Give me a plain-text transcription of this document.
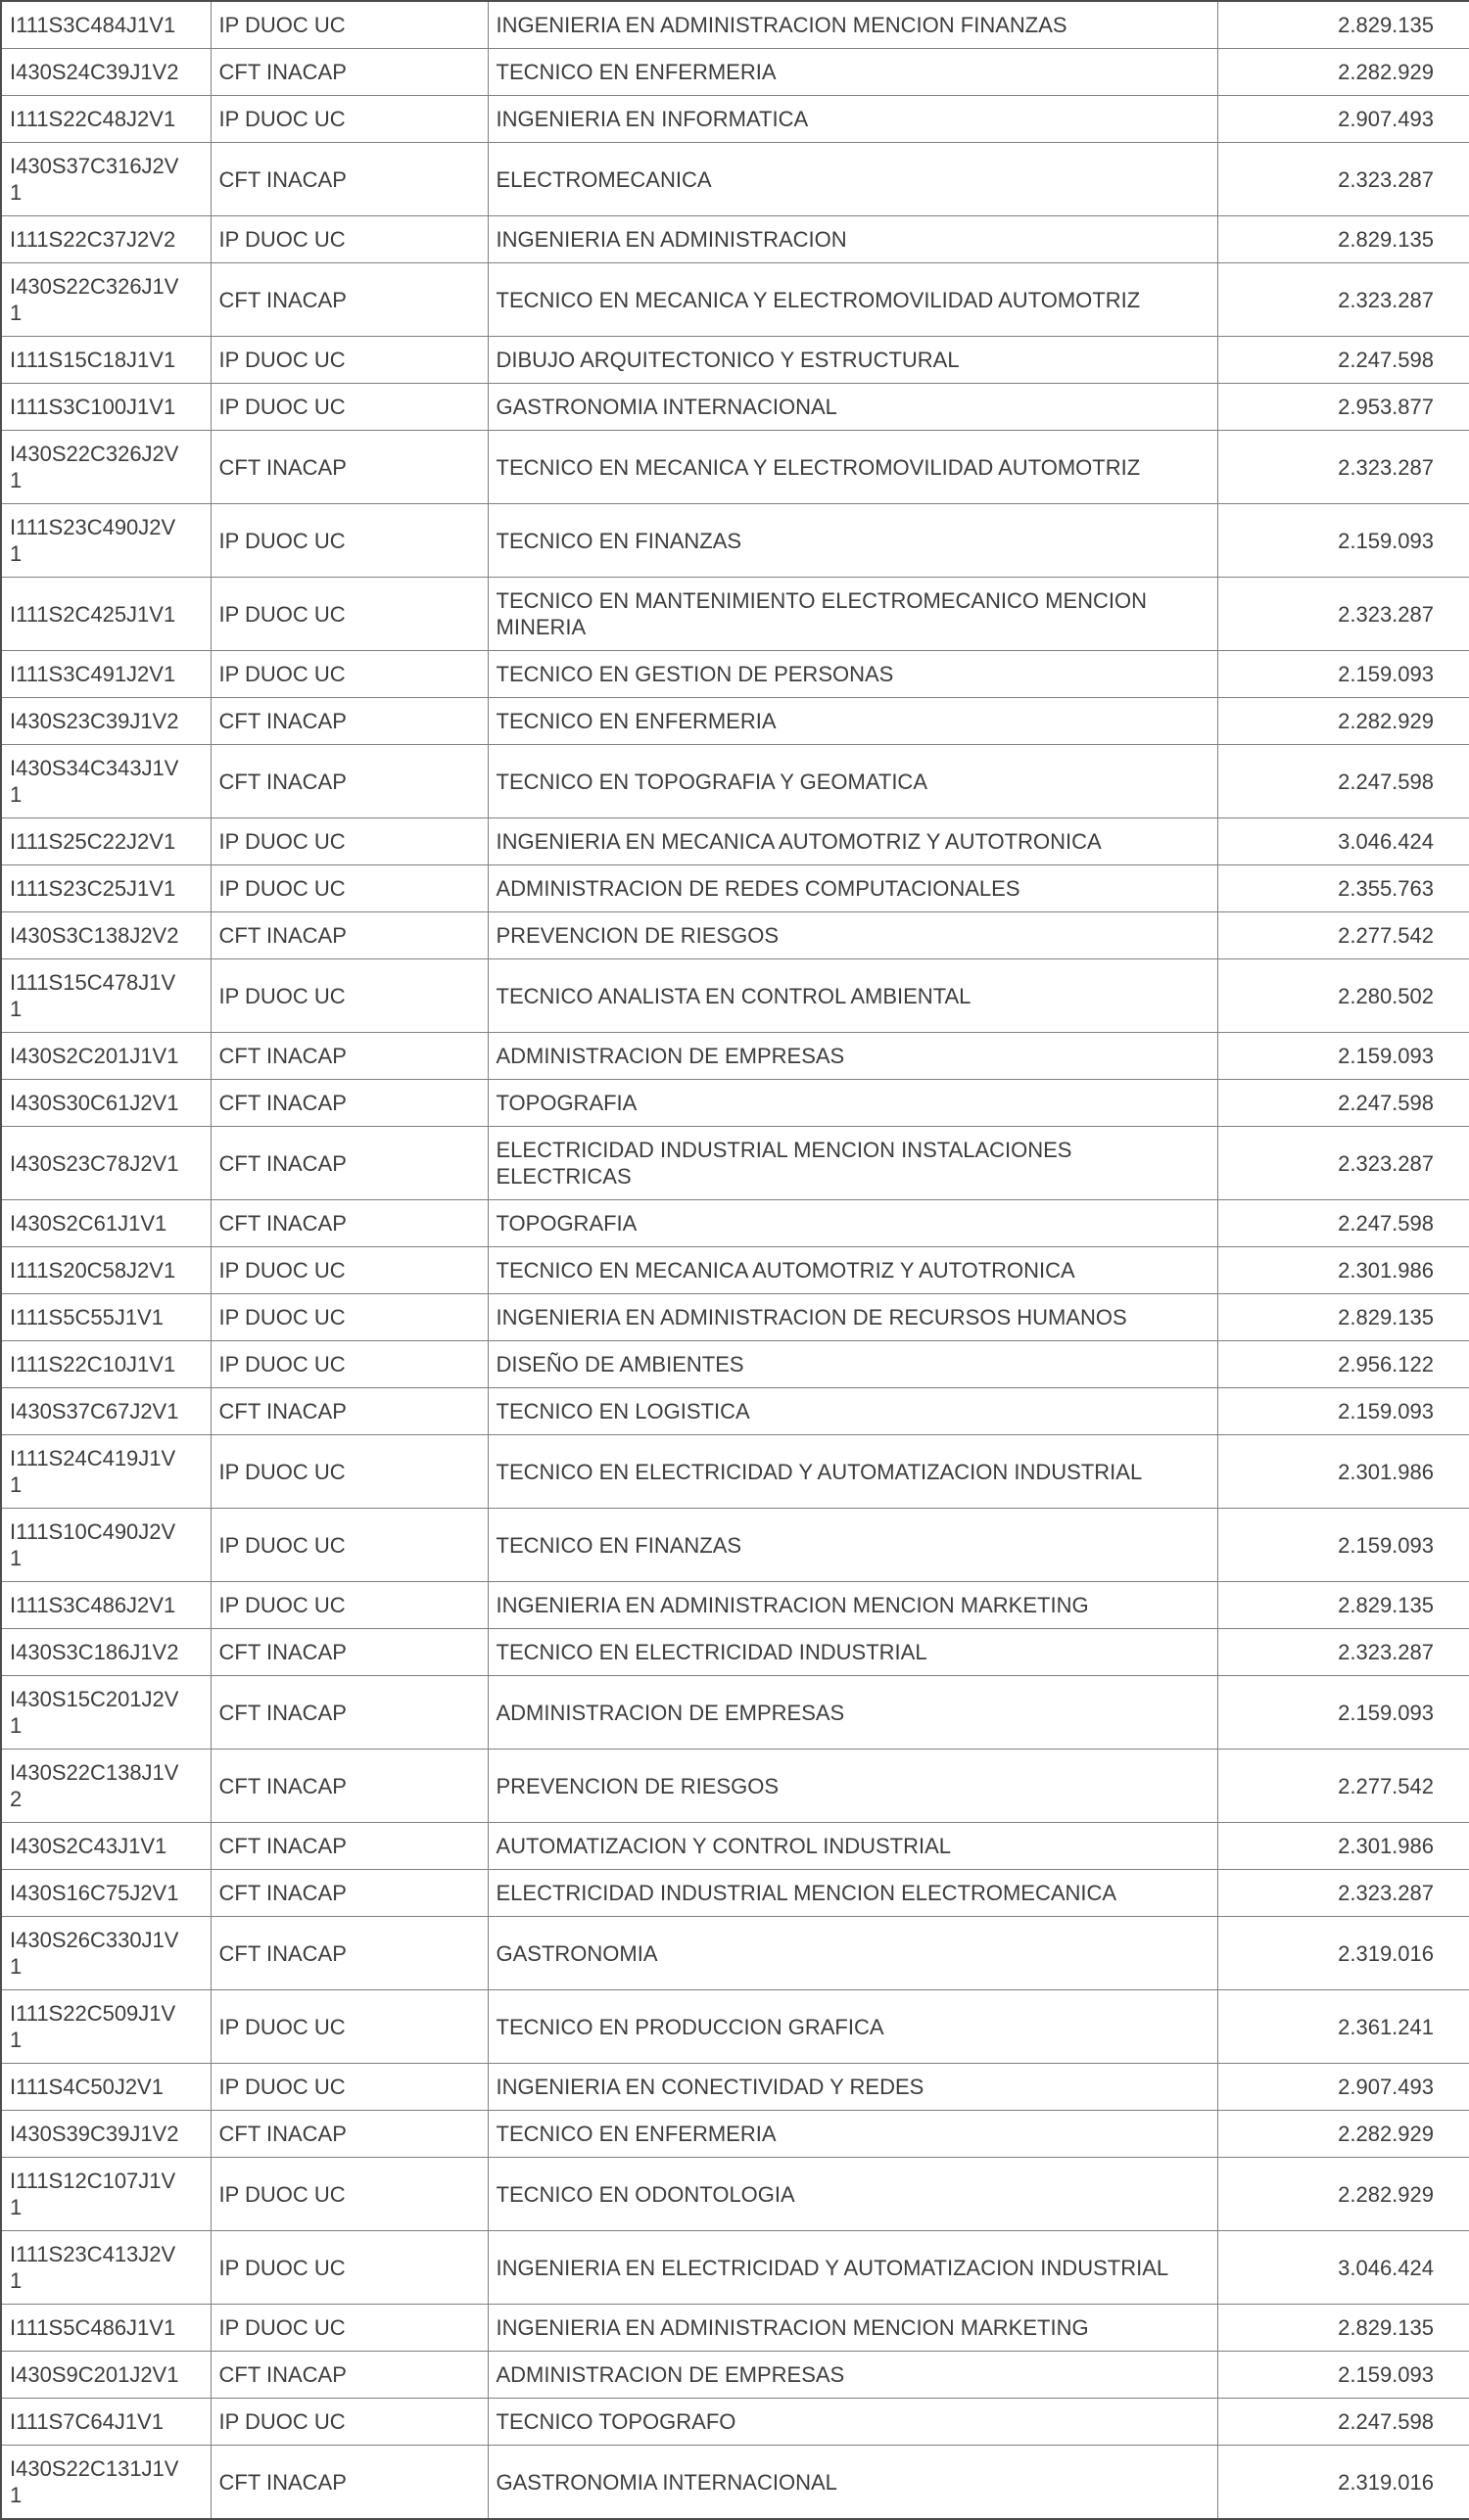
I111S3C484J1V1	IP DUOC UC	INGENIERIA EN ADMINISTRACION MENCION FINANZAS	2.829.135
I430S24C39J1V2	CFT INACAP	TECNICO EN ENFERMERIA	2.282.929
I111S22C48J2V1	IP DUOC UC	INGENIERIA EN INFORMATICA	2.907.493
I430S37C316J2V1	CFT INACAP	ELECTROMECANICA	2.323.287
I111S22C37J2V2	IP DUOC UC	INGENIERIA EN ADMINISTRACION	2.829.135
I430S22C326J1V1	CFT INACAP	TECNICO EN MECANICA Y ELECTROMOVILIDAD AUTOMOTRIZ	2.323.287
I111S15C18J1V1	IP DUOC UC	DIBUJO ARQUITECTONICO Y ESTRUCTURAL	2.247.598
I111S3C100J1V1	IP DUOC UC	GASTRONOMIA INTERNACIONAL	2.953.877
I430S22C326J2V1	CFT INACAP	TECNICO EN MECANICA Y ELECTROMOVILIDAD AUTOMOTRIZ	2.323.287
I111S23C490J2V1	IP DUOC UC	TECNICO EN FINANZAS	2.159.093
I111S2C425J1V1	IP DUOC UC	TECNICO EN MANTENIMIENTO ELECTROMECANICO MENCION MINERIA	2.323.287
I111S3C491J2V1	IP DUOC UC	TECNICO EN GESTION DE PERSONAS	2.159.093
I430S23C39J1V2	CFT INACAP	TECNICO EN ENFERMERIA	2.282.929
I430S34C343J1V1	CFT INACAP	TECNICO EN TOPOGRAFIA Y GEOMATICA	2.247.598
I111S25C22J2V1	IP DUOC UC	INGENIERIA EN MECANICA AUTOMOTRIZ Y AUTOTRONICA	3.046.424
I111S23C25J1V1	IP DUOC UC	ADMINISTRACION DE REDES COMPUTACIONALES	2.355.763
I430S3C138J2V2	CFT INACAP	PREVENCION DE RIESGOS	2.277.542
I111S15C478J1V1	IP DUOC UC	TECNICO ANALISTA EN CONTROL AMBIENTAL	2.280.502
I430S2C201J1V1	CFT INACAP	ADMINISTRACION DE EMPRESAS	2.159.093
I430S30C61J2V1	CFT INACAP	TOPOGRAFIA	2.247.598
I430S23C78J2V1	CFT INACAP	ELECTRICIDAD INDUSTRIAL MENCION INSTALACIONES ELECTRICAS	2.323.287
I430S2C61J1V1	CFT INACAP	TOPOGRAFIA	2.247.598
I111S20C58J2V1	IP DUOC UC	TECNICO EN MECANICA AUTOMOTRIZ Y AUTOTRONICA	2.301.986
I111S5C55J1V1	IP DUOC UC	INGENIERIA EN ADMINISTRACION DE RECURSOS HUMANOS	2.829.135
I111S22C10J1V1	IP DUOC UC	DISEÑO DE AMBIENTES	2.956.122
I430S37C67J2V1	CFT INACAP	TECNICO EN LOGISTICA	2.159.093
I111S24C419J1V1	IP DUOC UC	TECNICO EN ELECTRICIDAD Y AUTOMATIZACION INDUSTRIAL	2.301.986
I111S10C490J2V1	IP DUOC UC	TECNICO EN FINANZAS	2.159.093
I111S3C486J2V1	IP DUOC UC	INGENIERIA EN ADMINISTRACION MENCION MARKETING	2.829.135
I430S3C186J1V2	CFT INACAP	TECNICO EN ELECTRICIDAD INDUSTRIAL	2.323.287
I430S15C201J2V1	CFT INACAP	ADMINISTRACION DE EMPRESAS	2.159.093
I430S22C138J1V2	CFT INACAP	PREVENCION DE RIESGOS	2.277.542
I430S2C43J1V1	CFT INACAP	AUTOMATIZACION Y CONTROL INDUSTRIAL	2.301.986
I430S16C75J2V1	CFT INACAP	ELECTRICIDAD INDUSTRIAL MENCION ELECTROMECANICA	2.323.287
I430S26C330J1V1	CFT INACAP	GASTRONOMIA	2.319.016
I111S22C509J1V1	IP DUOC UC	TECNICO EN PRODUCCION GRAFICA	2.361.241
I111S4C50J2V1	IP DUOC UC	INGENIERIA EN CONECTIVIDAD Y REDES	2.907.493
I430S39C39J1V2	CFT INACAP	TECNICO EN ENFERMERIA	2.282.929
I111S12C107J1V1	IP DUOC UC	TECNICO EN ODONTOLOGIA	2.282.929
I111S23C413J2V1	IP DUOC UC	INGENIERIA EN ELECTRICIDAD Y AUTOMATIZACION INDUSTRIAL	3.046.424
I111S5C486J1V1	IP DUOC UC	INGENIERIA EN ADMINISTRACION MENCION MARKETING	2.829.135
I430S9C201J2V1	CFT INACAP	ADMINISTRACION DE EMPRESAS	2.159.093
I111S7C64J1V1	IP DUOC UC	TECNICO TOPOGRAFO	2.247.598
I430S22C131J1V1	CFT INACAP	GASTRONOMIA INTERNACIONAL	2.319.016
